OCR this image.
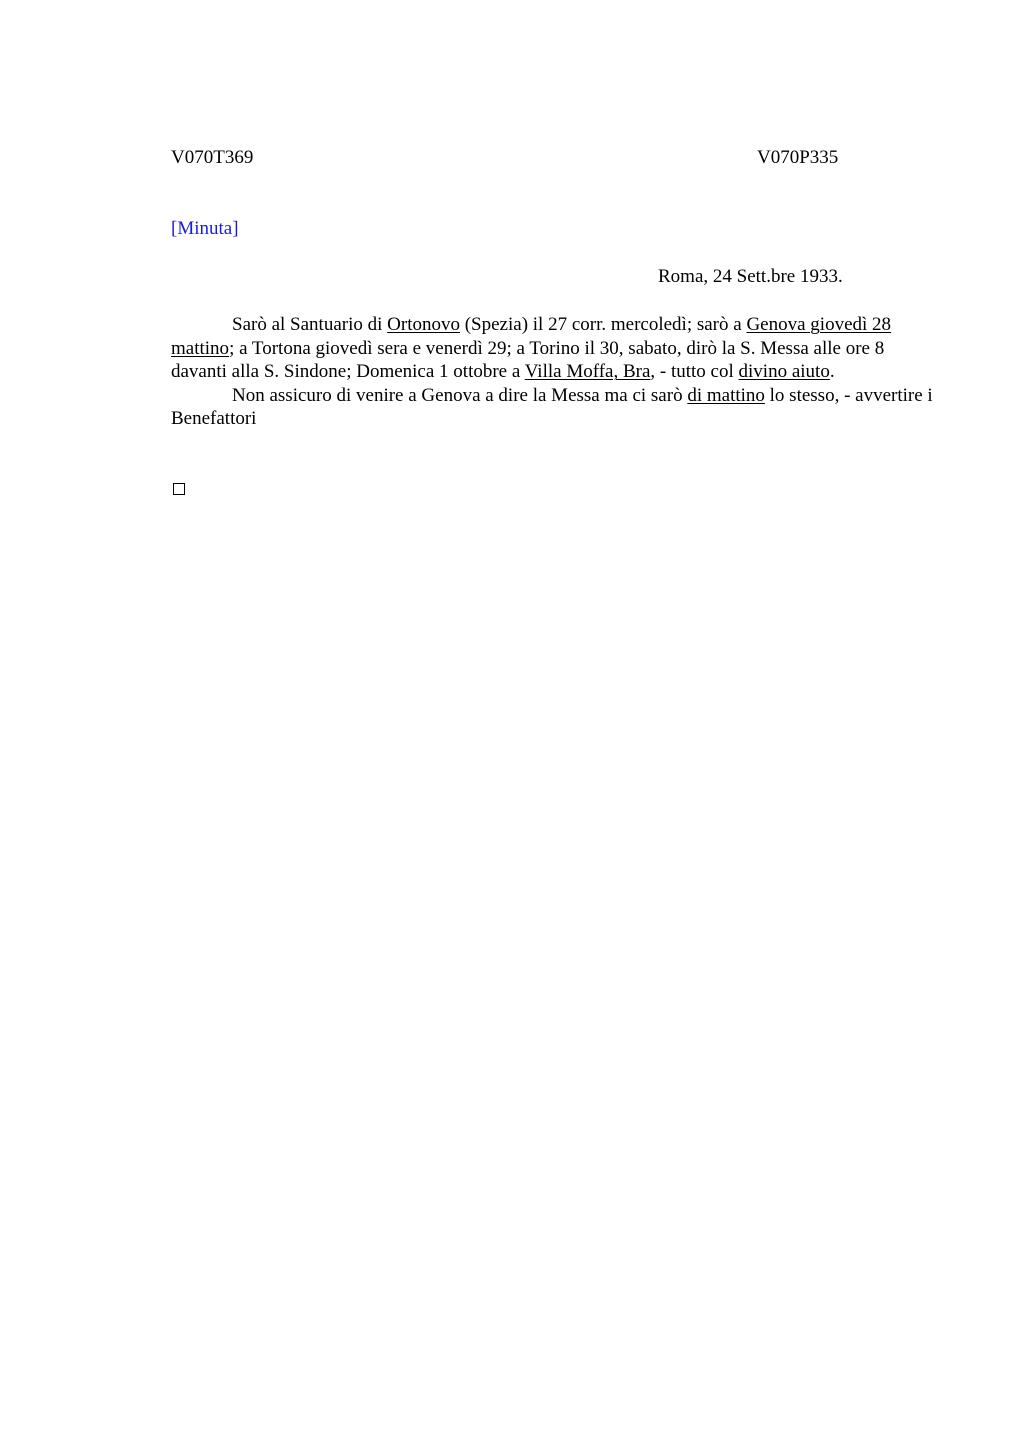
V070T369	V070P335
[Minuta]
Roma, 24 Sett.bre 1933.

Sarò al Santuario di Ortonovo (Spezia) il 27 corr. mercoledì; sarò a Genova giovedì 28 mattino; a Tortona giovedì sera e venerdì 29; a Torino il 30, sabato, dirò la S. Messa alle ore 8 davanti alla S. Sindone; Domenica 1 ottobre a Villa Moffa, Bra, - tutto col divino aiuto.

Non assicuro di venire a Genova a dire la Messa ma ci sarò di mattino lo stesso, - avvertire i Benefattori
